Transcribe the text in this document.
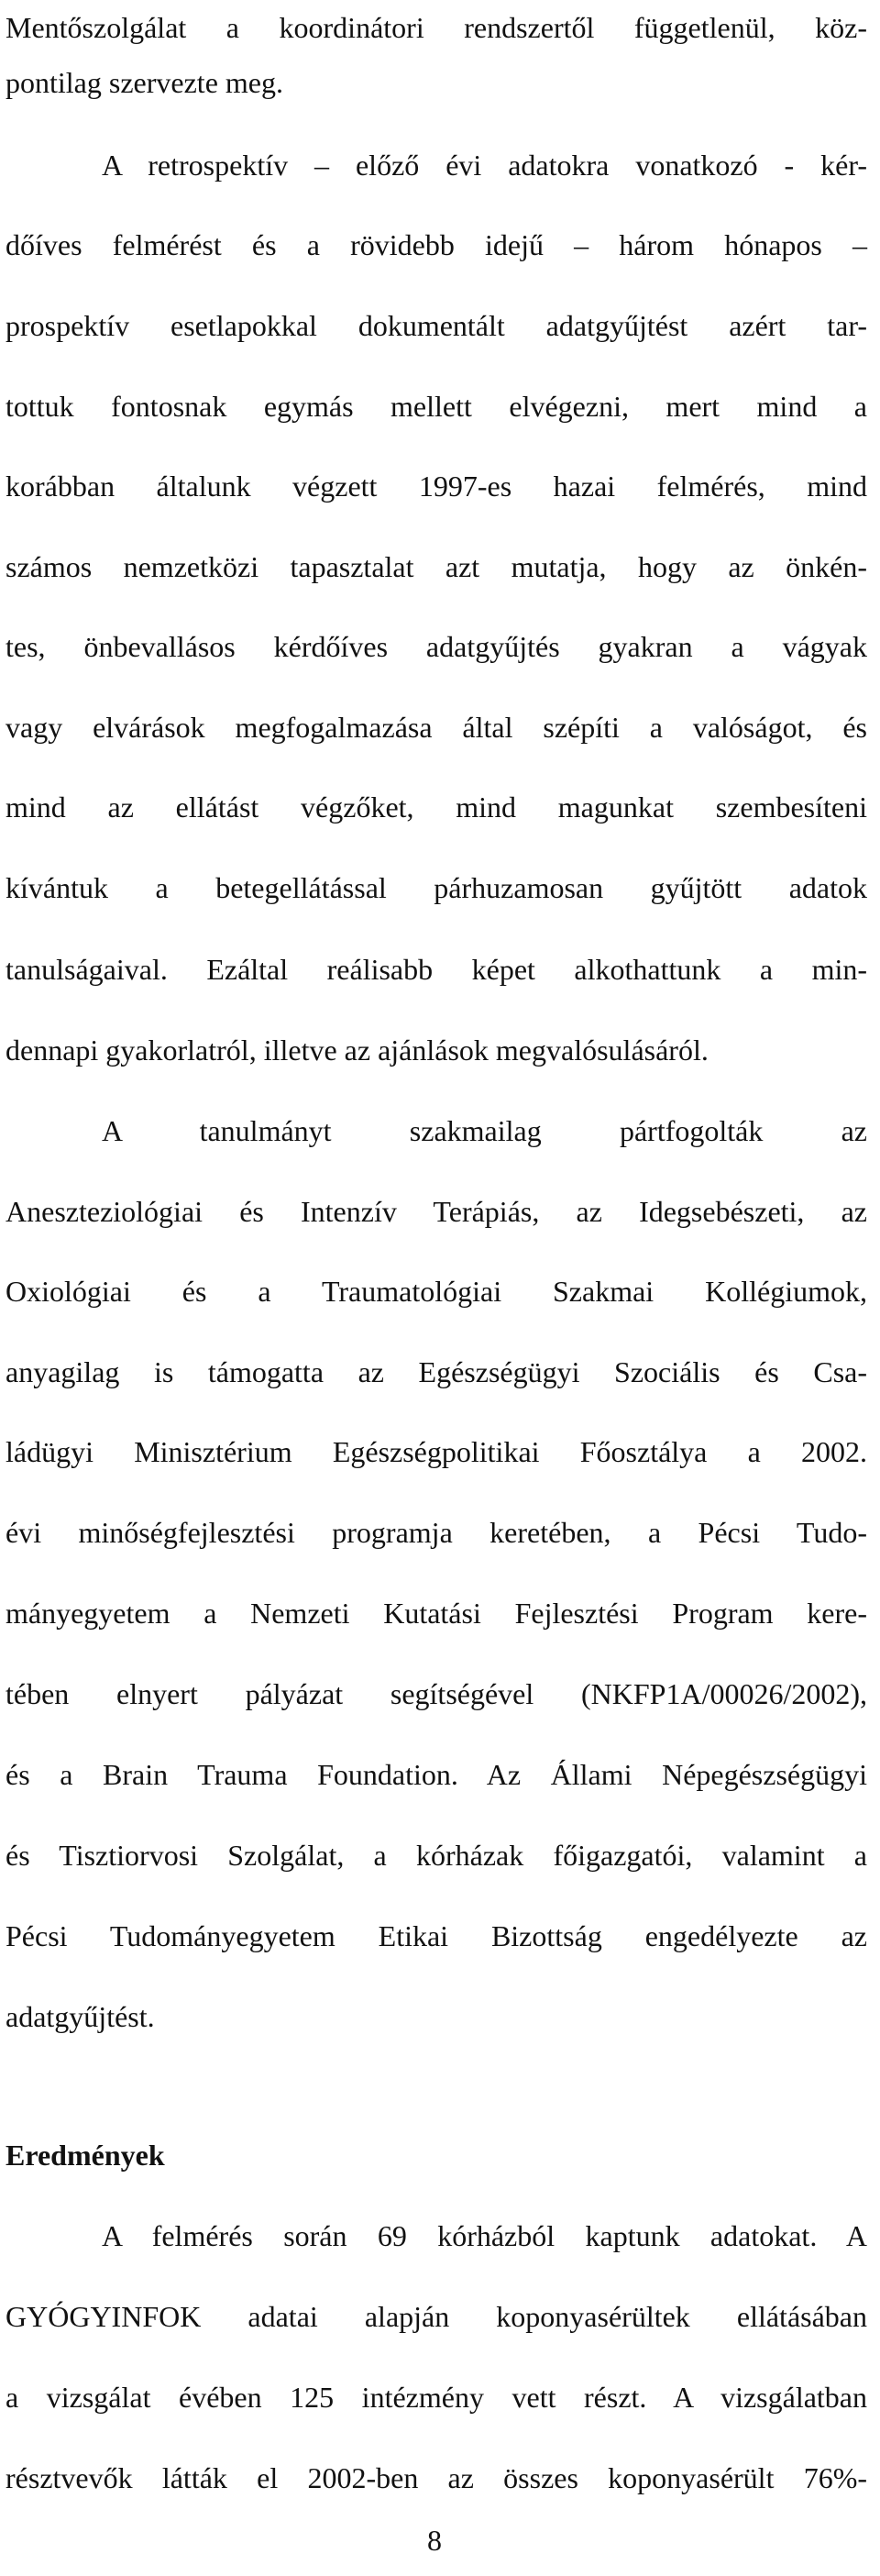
Mentőszolgálat a koordinátori rendszertől függetlenül, köz-
pontilag szervezte meg.
A retrospektív – előző évi adatokra vonatkozó - kér-
dőíves felmérést és a rövidebb idejű – három hónapos –
prospektív esetlapokkal dokumentált adatgyűjtést azért tar-
tottuk fontosnak egymás mellett elvégezni, mert mind a
korábban általunk végzett 1997-es hazai felmérés, mind
számos nemzetközi tapasztalat azt mutatja, hogy az önkén-
tes, önbevallásos kérdőíves adatgyűjtés gyakran a vágyak
vagy elvárások megfogalmazása által szépíti a valóságot, és
mind az ellátást végzőket, mind magunkat szembesíteni
kívántuk a betegellátással párhuzamosan gyűjtött adatok
tanulságaival. Ezáltal reálisabb képet alkothattunk a min-
dennapi gyakorlatról, illetve az ajánlások megvalósulásáról.
A tanulmányt szakmailag pártfogolták az
Aneszteziológiai és Intenzív Terápiás, az Idegsebészeti, az
Oxiológiai és a Traumatológiai Szakmai Kollégiumok,
anyagilag is támogatta az Egészségügyi Szociális és Csa-
ládügyi Minisztérium Egészségpolitikai Főosztálya a 2002.
évi minőségfejlesztési programja keretében, a Pécsi Tudo-
mányegyetem a Nemzeti Kutatási Fejlesztési Program kere-
tében elnyert pályázat segítségével (NKFP1A/00026/2002),
és a Brain Trauma Foundation. Az Állami Népegészségügyi
és Tisztiorvosi Szolgálat, a kórházak főigazgatói, valamint a
Pécsi Tudományegyetem Etikai Bizottság engedélyezte az
adatgyűjtést.
Eredmények
A felmérés során 69 kórházból kaptunk adatokat. A
GYÓGYINFOK adatai alapján koponyasérültek ellátásában
a vizsgálat évében 125 intézmény vett részt. A vizsgálatban
résztvevők látták el 2002-ben az összes koponyasérült 76%-
8
